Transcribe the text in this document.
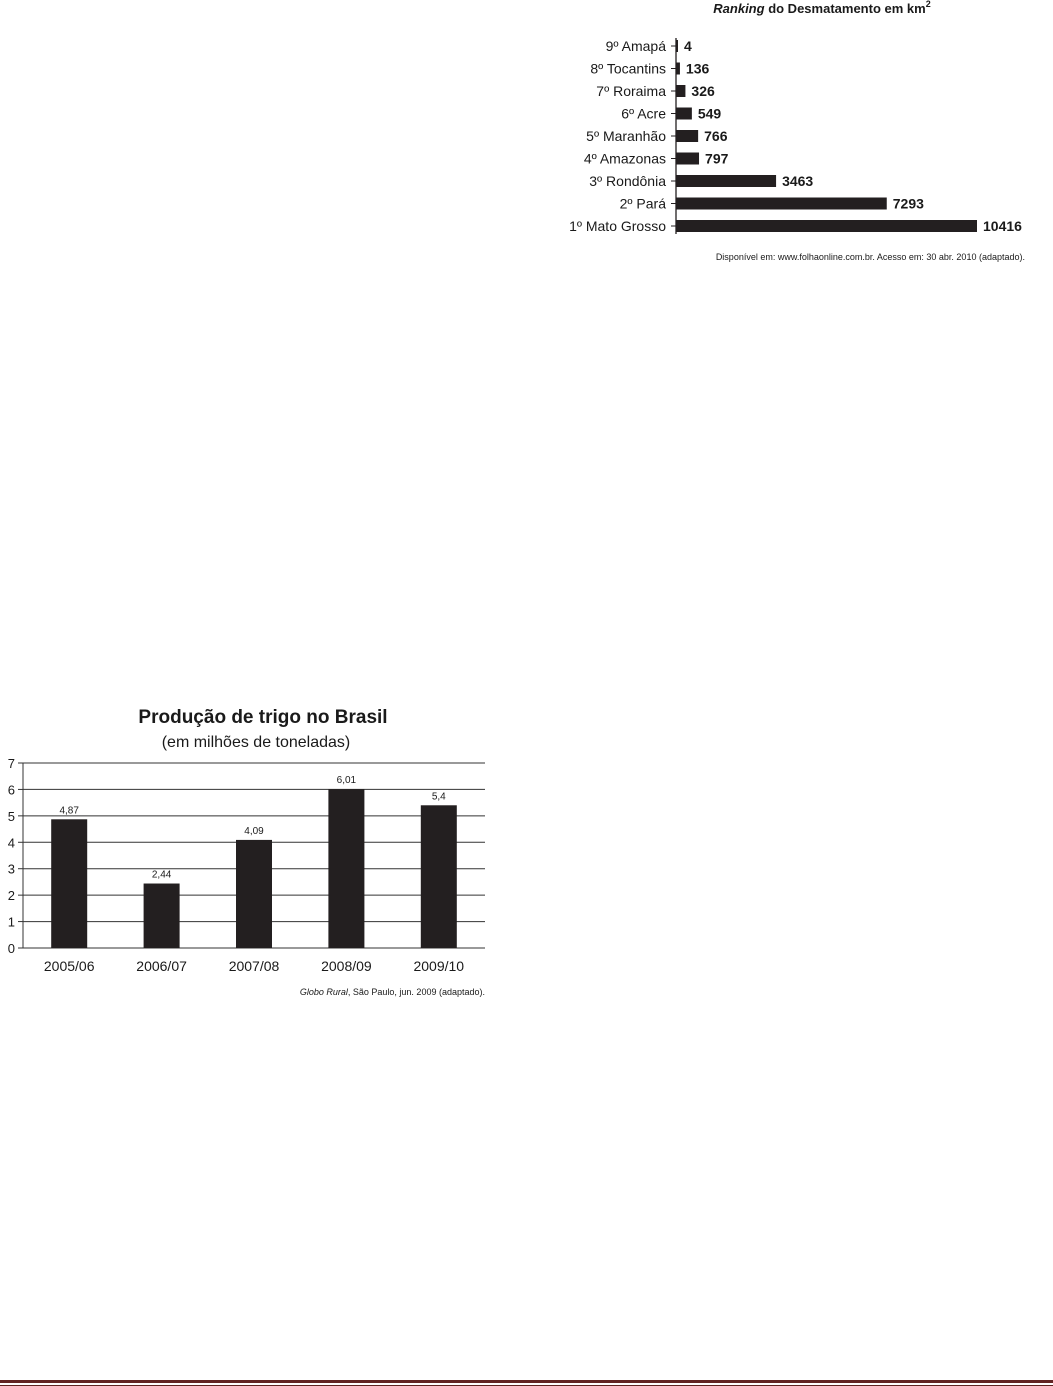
Ranking do Desmatamento em $km^2$
9º Amapá 4
8º Tocantins 136
7º Roraima 326
6º Acre 549
5º Maranhão	766
4º Amazonas	797
3º Rondônia	3463
2º Pará	7293
1º Mato Grosso	10416
Disponível em: www.folhaonline.com.br. Acesso em: 30 abr. 2010 (adaptado).
Produção de trigo no Brasil
(em milhões de toneladas)
0
1
2
3
4
5
6
7
4,87
2005/06
2,44
2006/07
4,09
2007/08
6,01
2008/09
5,4
2009/10
Globo Rural, São Paulo, jun. 2009 (adaptado).
